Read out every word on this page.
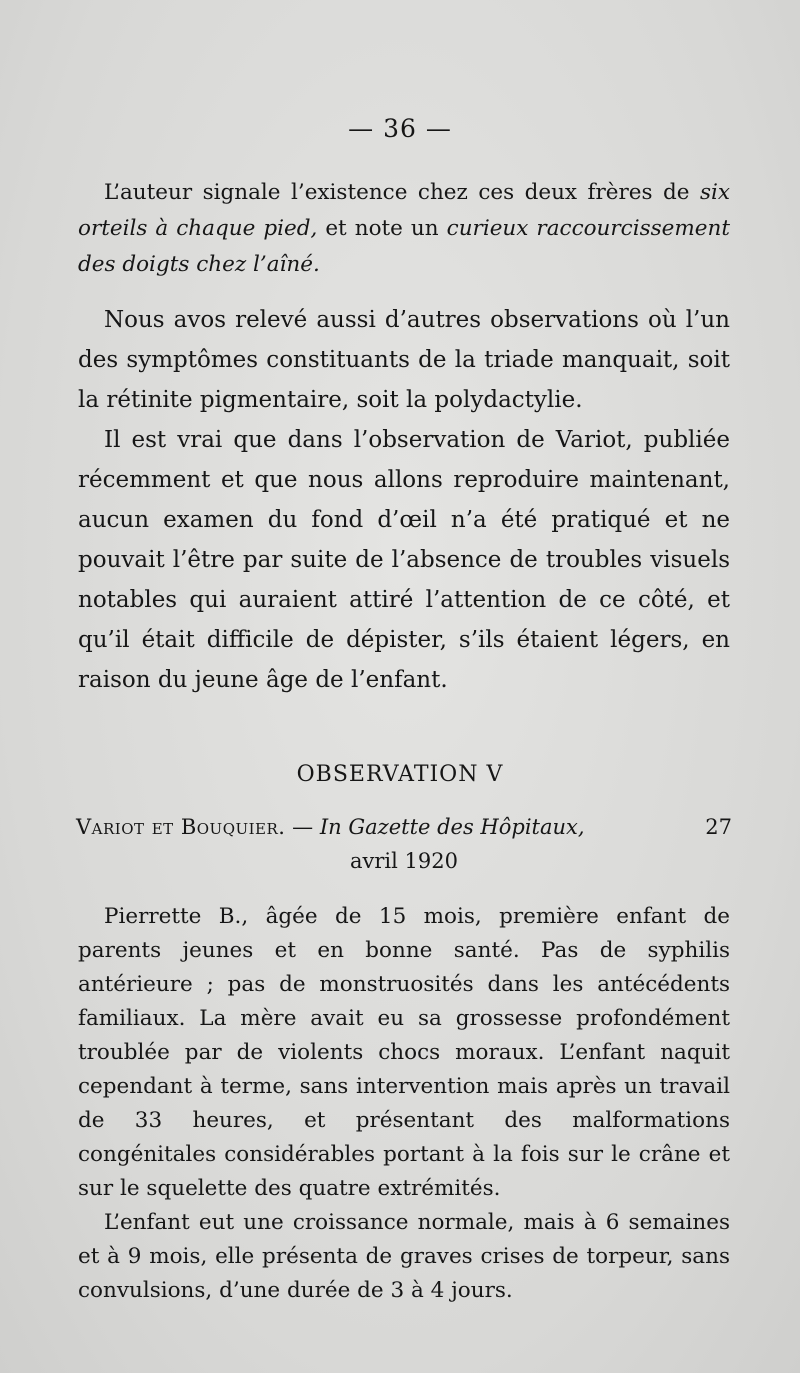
— 36 —

L’auteur signale l’existence chez ces deux frères de six orteils à chaque pied, et note un curieux raccourcissement des doigts chez l’aîné.

Nous avos relevé aussi d’autres observations où l’un des symptômes constituants de la triade manquait, soit la rétinite pigmentaire, soit la polydactylie.

Il est vrai que dans l’observation de Variot, publiée récemment et que nous allons reproduire maintenant, aucun examen du fond d’œil n’a été pratiqué et ne pouvait l’être par suite de l’absence de troubles visuels notables qui auraient attiré l’attention de ce côté, et qu’il était difficile de dépister, s’ils étaient légers, en raison du jeune âge de l’enfant.

OBSERVATION V
Variot et Bouquier. — In Gazette des Hôpitaux,	27
avril 1920

Pierrette B., âgée de 15 mois, première enfant de parents jeunes et en bonne santé. Pas de syphilis antérieure ; pas de monstruosités dans les antécédents familiaux. La mère avait eu sa grossesse profondément troublée par de violents chocs moraux. L’enfant naquit cependant à terme, sans intervention mais après un travail de 33 heures, et présentant des malformations congénitales considérables portant à la fois sur le crâne et sur le squelette des quatre extrémités.

L’enfant eut une croissance normale, mais à 6 semaines et à 9 mois, elle présenta de graves crises de torpeur, sans convulsions, d’une durée de 3 à 4 jours.
